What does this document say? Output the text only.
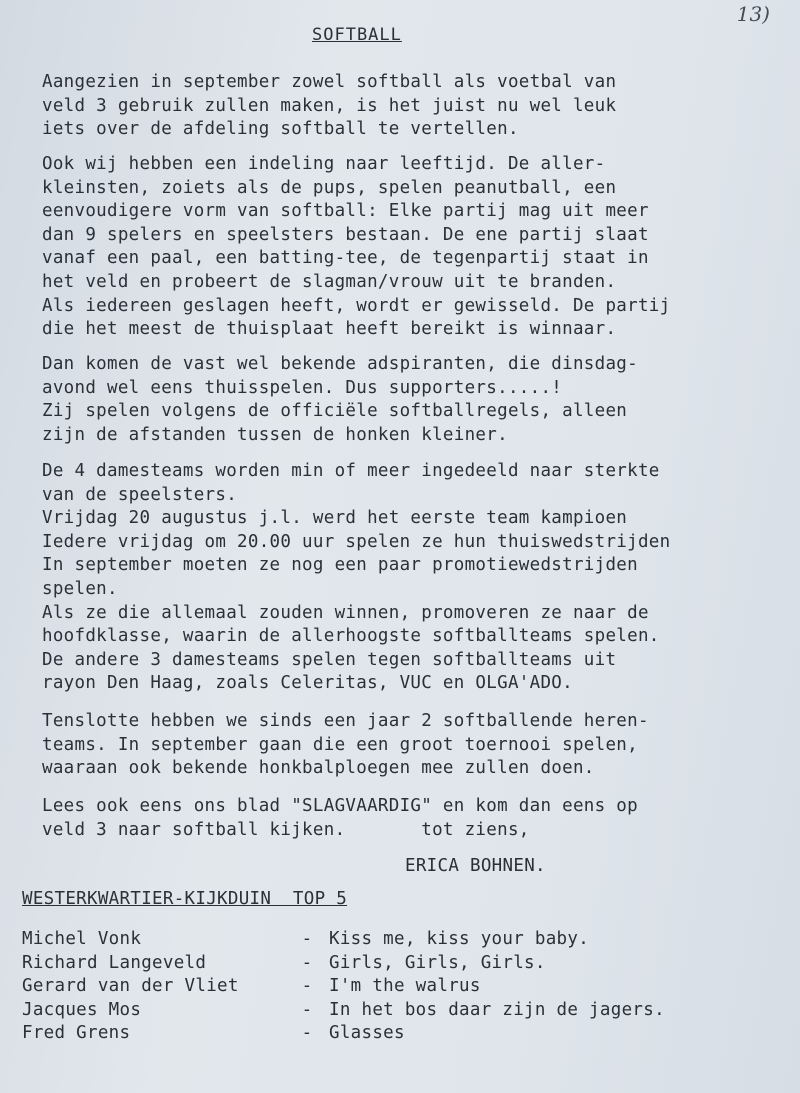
13)
SOFTBALL
Aangezien in september zowel softball als voetbal van
veld 3 gebruik zullen maken, is het juist nu wel leuk
iets over de afdeling softball te vertellen.
Ook wij hebben een indeling naar leeftijd. De aller-
kleinsten, zoiets als de pups, spelen peanutball, een
eenvoudigere vorm van softball: Elke partij mag uit meer
dan 9 spelers en speelsters bestaan. De ene partij slaat
vanaf een paal, een batting-tee, de tegenpartij staat in
het veld en probeert de slagman/vrouw uit te branden.
Als iedereen geslagen heeft, wordt er gewisseld. De partij
die het meest de thuisplaat heeft bereikt is winnaar.
Dan komen de vast wel bekende adspiranten, die dinsdag-
avond wel eens thuisspelen. Dus supporters.....!
Zij spelen volgens de officiële softballregels, alleen
zijn de afstanden tussen de honken kleiner.
De 4 damesteams worden min of meer ingedeeld naar sterkte
van de speelsters.
Vrijdag 20 augustus j.l. werd het eerste team kampioen
Iedere vrijdag om 20.00 uur spelen ze hun thuiswedstrijden
In september moeten ze nog een paar promotiewedstrijden
spelen.
Als ze die allemaal zouden winnen, promoveren ze naar de
hoofdklasse, waarin de allerhoogste softballteams spelen.
De andere 3 damesteams spelen tegen softballteams uit
rayon Den Haag, zoals Celeritas, VUC en OLGA'ADO.
Tenslotte hebben we sinds een jaar 2 softballende heren-
teams. In september gaan die een groot toernooi spelen,
waaraan ook bekende honkbalploegen mee zullen doen.
Lees ook eens ons blad "SLAGVAARDIG" en kom dan eens op
veld 3 naar softball kijken.       tot ziens,
ERICA BOHNEN.
WESTERKWARTIER-KIJKDUIN  TOP 5
Michel Vonk	- Kiss me, kiss your baby.
Richard Langeveld	- Girls, Girls, Girls.
Gerard van der Vliet	- I'm the walrus
Jacques Mos	- In het bos daar zijn de jagers.
Fred Grens	- Glasses
